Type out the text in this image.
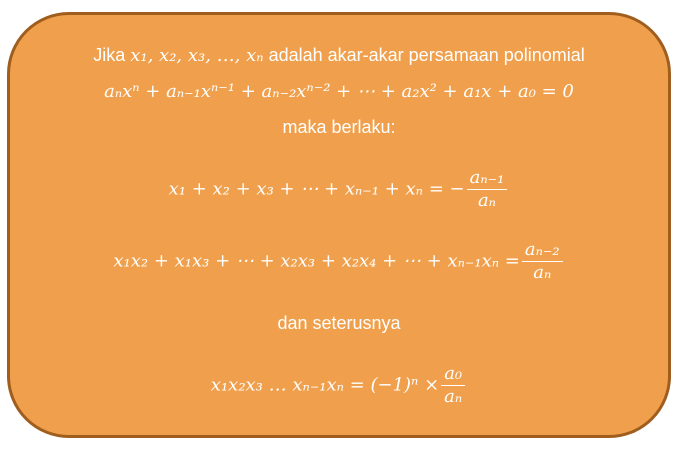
Jika x₁, x₂, x₃, …, xₙ adalah akar-akar persamaan polinomial
aₙxⁿ + aₙ₋₁xⁿ⁻¹ + aₙ₋₂xⁿ⁻² + ⋯ + a₂x² + a₁x + a₀ = 0
maka berlaku:
x₁ + x₂ + x₃ + ⋯ + xₙ₋₁ + xₙ = − $\frac{\text{aₙ₋₁}}{\text{aₙ}}$
x₁x₂ + x₁x₃ + ⋯ + x₂x₃ + x₂x₄ + ⋯ + $x_{n-1}x_n = \frac{\text{aₙ₋₂}}{\text{aₙ}}$
dan seterusnya
x₁x₂x₃ … $x_{n-1}x_n = (-1)^n \times \frac{\text{a₀}}{\text{aₙ}}$
